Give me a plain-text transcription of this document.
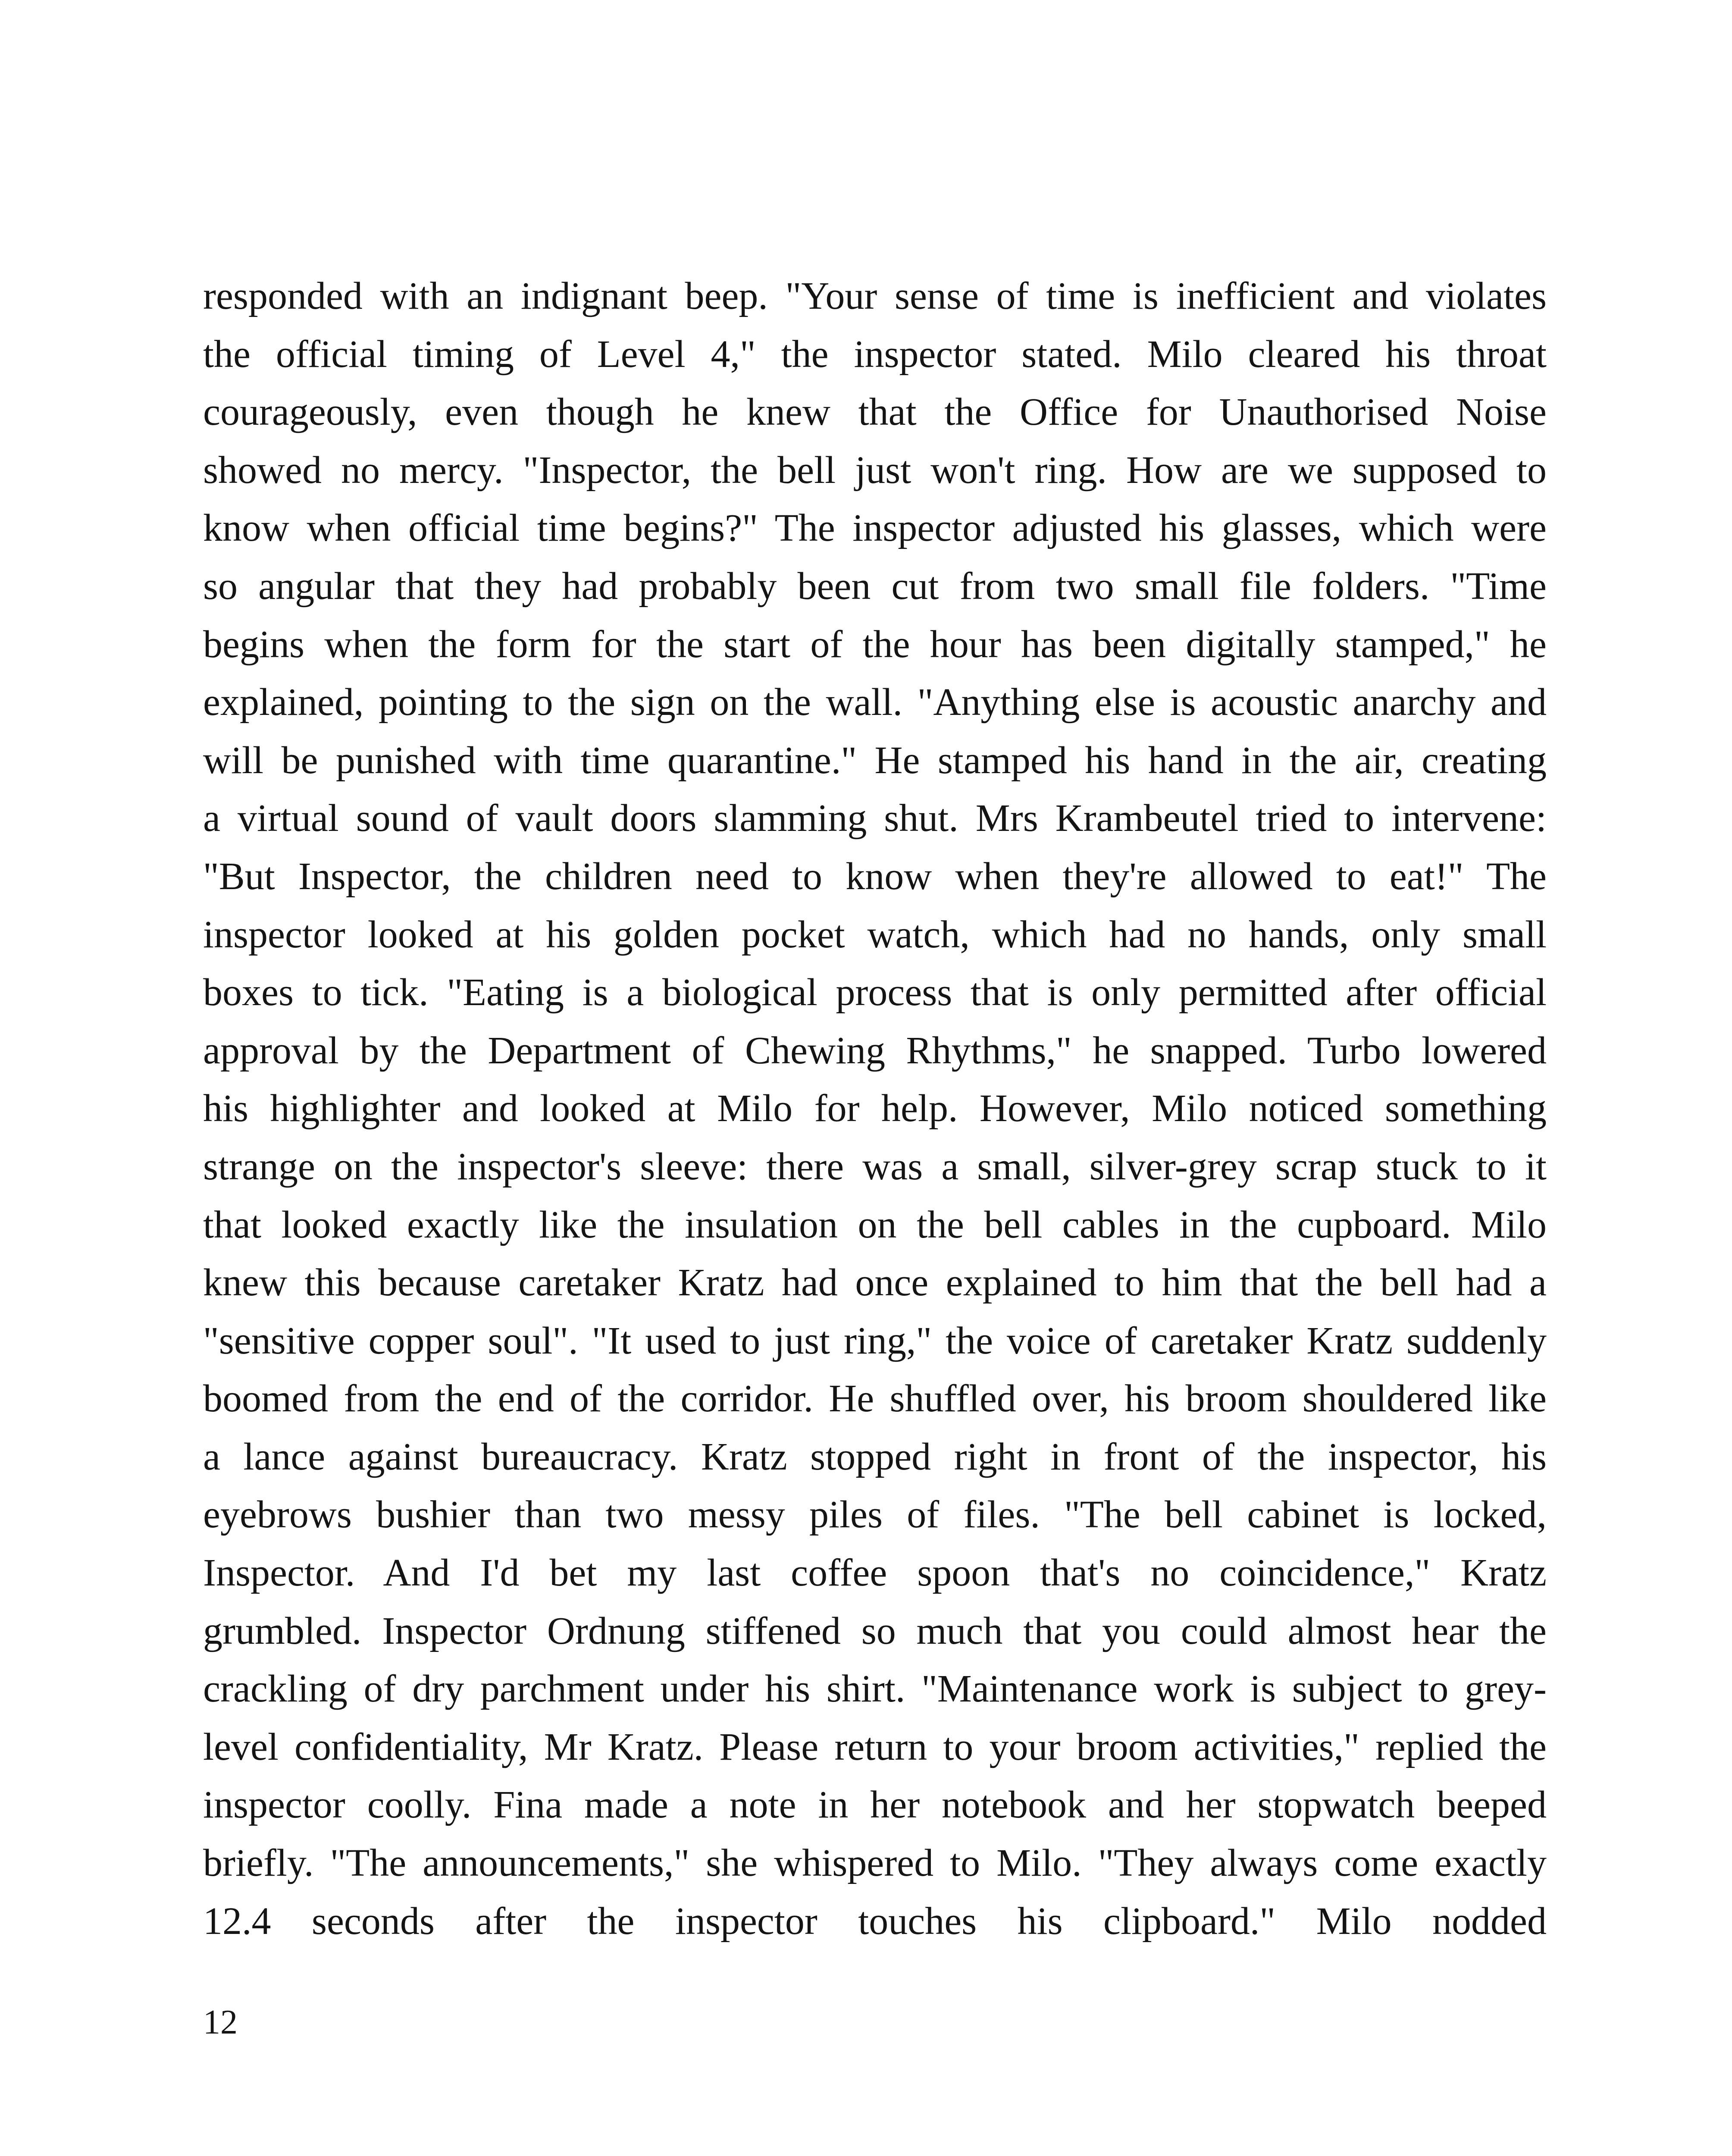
responded with an indignant beep. "Your sense of time is inefficient and violates
the official timing of Level 4," the inspector stated. Milo cleared his throat
courageously, even though he knew that the Office for Unauthorised Noise
showed no mercy. "Inspector, the bell just won't ring. How are we supposed to
know when official time begins?" The inspector adjusted his glasses, which were
so angular that they had probably been cut from two small file folders. "Time
begins when the form for the start of the hour has been digitally stamped," he
explained, pointing to the sign on the wall. "Anything else is acoustic anarchy and
will be punished with time quarantine." He stamped his hand in the air, creating
a virtual sound of vault doors slamming shut. Mrs Krambeutel tried to intervene:
"But Inspector, the children need to know when they're allowed to eat!" The
inspector looked at his golden pocket watch, which had no hands, only small
boxes to tick. "Eating is a biological process that is only permitted after official
approval by the Department of Chewing Rhythms," he snapped. Turbo lowered
his highlighter and looked at Milo for help. However, Milo noticed something
strange on the inspector's sleeve: there was a small, silver-grey scrap stuck to it
that looked exactly like the insulation on the bell cables in the cupboard. Milo
knew this because caretaker Kratz had once explained to him that the bell had a
"sensitive copper soul". "It used to just ring," the voice of caretaker Kratz suddenly
boomed from the end of the corridor. He shuffled over, his broom shouldered like
a lance against bureaucracy. Kratz stopped right in front of the inspector, his
eyebrows bushier than two messy piles of files. "The bell cabinet is locked,
Inspector. And I'd bet my last coffee spoon that's no coincidence," Kratz
grumbled. Inspector Ordnung stiffened so much that you could almost hear the
crackling of dry parchment under his shirt. "Maintenance work is subject to grey-
level confidentiality, Mr Kratz. Please return to your broom activities," replied the
inspector coolly. Fina made a note in her notebook and her stopwatch beeped
briefly. "The announcements," she whispered to Milo. "They always come exactly
12.4 seconds after the inspector touches his clipboard." Milo nodded
12
